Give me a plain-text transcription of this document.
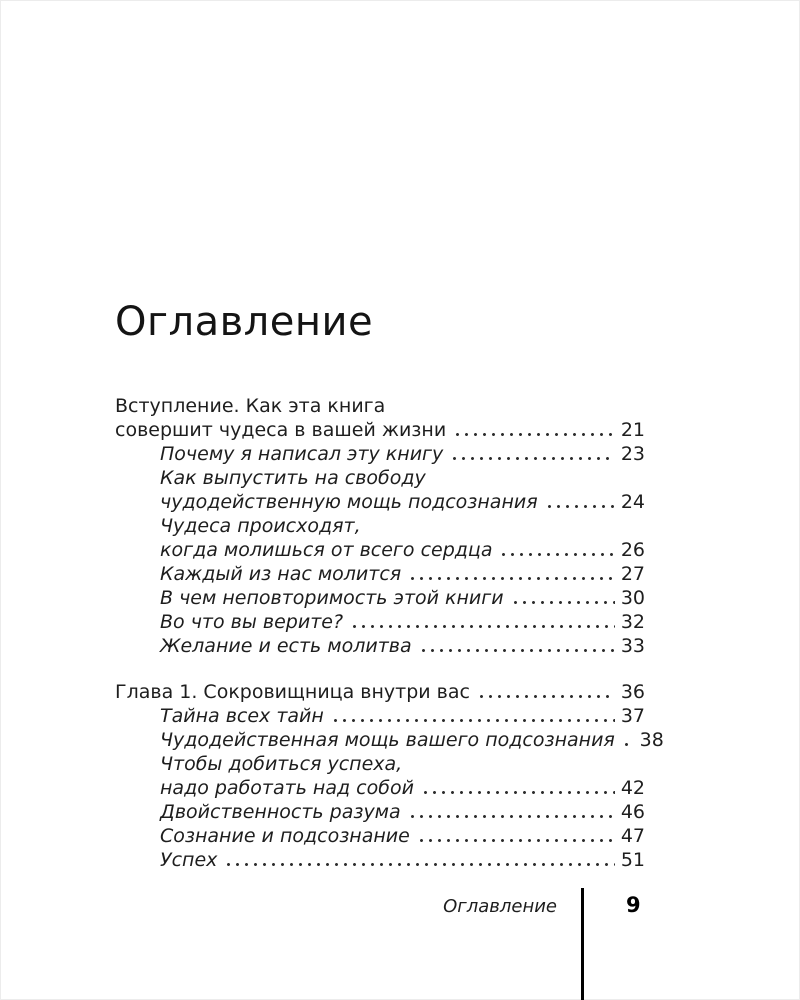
Оглавление
Вступление. Как эта книга
совершит чудеса в вашей жизни	21
Почему я написал эту книгу	23
Как выпустить на свободу
чудодейственную мощь подсознания	24
Чудеса происходят,
когда молишься от всего сердца	26
Каждый из нас молится	27
В чем неповторимость этой книги	30
Во что вы верите?	32
Желание и есть молитва	33
Глава 1. Сокровищница внутри вас	36
Тайна всех тайн	37
Чудодейственная мощь вашего подсознания 38
Чтобы добиться успеха,
надо работать над собой	42
Двойственность разума	46
Сознание и подсознание	47
Успех	51
Оглавление	9
